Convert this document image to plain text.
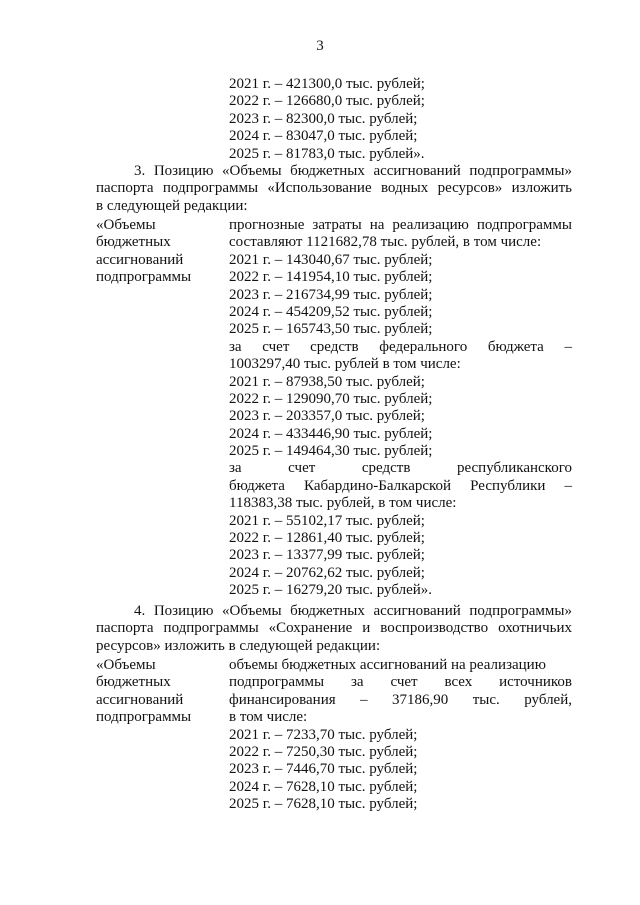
3
2021 г. – 421300,0 тыс. рублей;
2022 г. – 126680,0 тыс. рублей;
2023 г. – 82300,0 тыс. рублей;
2024 г. – 83047,0 тыс. рублей;
2025 г. – 81783,0 тыс. рублей».
3. Позицию «Объемы бюджетных ассигнований подпрограммы»
паспорта подпрограммы «Использование водных ресурсов» изложить
в следующей редакции:
«Объемы
бюджетных
ассигнований
подпрограммы
прогнозные затраты на реализацию подпрограммы
составляют 1121682,78 тыс. рублей, в том числе:
2021 г. – 143040,67 тыс. рублей;
2022 г. – 141954,10 тыс. рублей;
2023 г. – 216734,99 тыс. рублей;
2024 г. – 454209,52 тыс. рублей;
2025 г. – 165743,50 тыс. рублей;
за счет средств федерального бюджета –
1003297,40 тыс. рублей в том числе:
2021 г. – 87938,50 тыс. рублей;
2022 г. – 129090,70 тыс. рублей;
2023 г. – 203357,0 тыс. рублей;
2024 г. – 433446,90 тыс. рублей;
2025 г. – 149464,30 тыс. рублей;
за счет средств республиканского
бюджета Кабардино-Балкарской Республики –
118383,38 тыс. рублей, в том числе:
2021 г. – 55102,17 тыс. рублей;
2022 г. – 12861,40 тыс. рублей;
2023 г. – 13377,99 тыс. рублей;
2024 г. – 20762,62 тыс. рублей;
2025 г. – 16279,20 тыс. рублей».
4. Позицию «Объемы бюджетных ассигнований подпрограммы»
паспорта подпрограммы «Сохранение и воспроизводство охотничьих
ресурсов» изложить в следующей редакции:
«Объемы
бюджетных
ассигнований
подпрограммы
объемы бюджетных ассигнований на реализацию
подпрограммы за счет всех источников
финансирования – 37186,90 тыс. рублей,
в том числе:
2021 г. – 7233,70 тыс. рублей;
2022 г. – 7250,30 тыс. рублей;
2023 г. – 7446,70 тыс. рублей;
2024 г. – 7628,10 тыс. рублей;
2025 г. – 7628,10 тыс. рублей;
